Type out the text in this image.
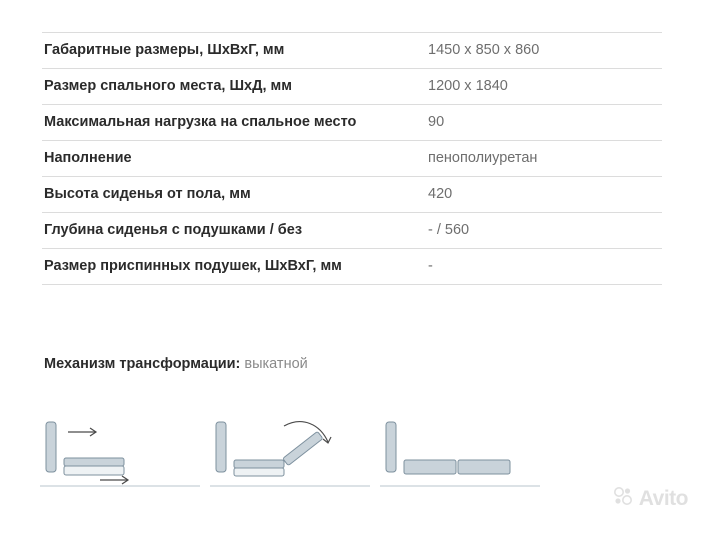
Габаритные размеры, ШхВхГ, мм	1450 x 850 x 860
Размер спального места, ШхД, мм	1200 x 1840
Максимальная нагрузка на спальное место	90
Наполнение	пенополиуретан
Высота сиденья от пола, мм	420
Глубина сиденья с подушками / без	- / 560
Размер приспинных подушек, ШхВхГ, мм	-
Механизм трансформации: выкатной
Avito
